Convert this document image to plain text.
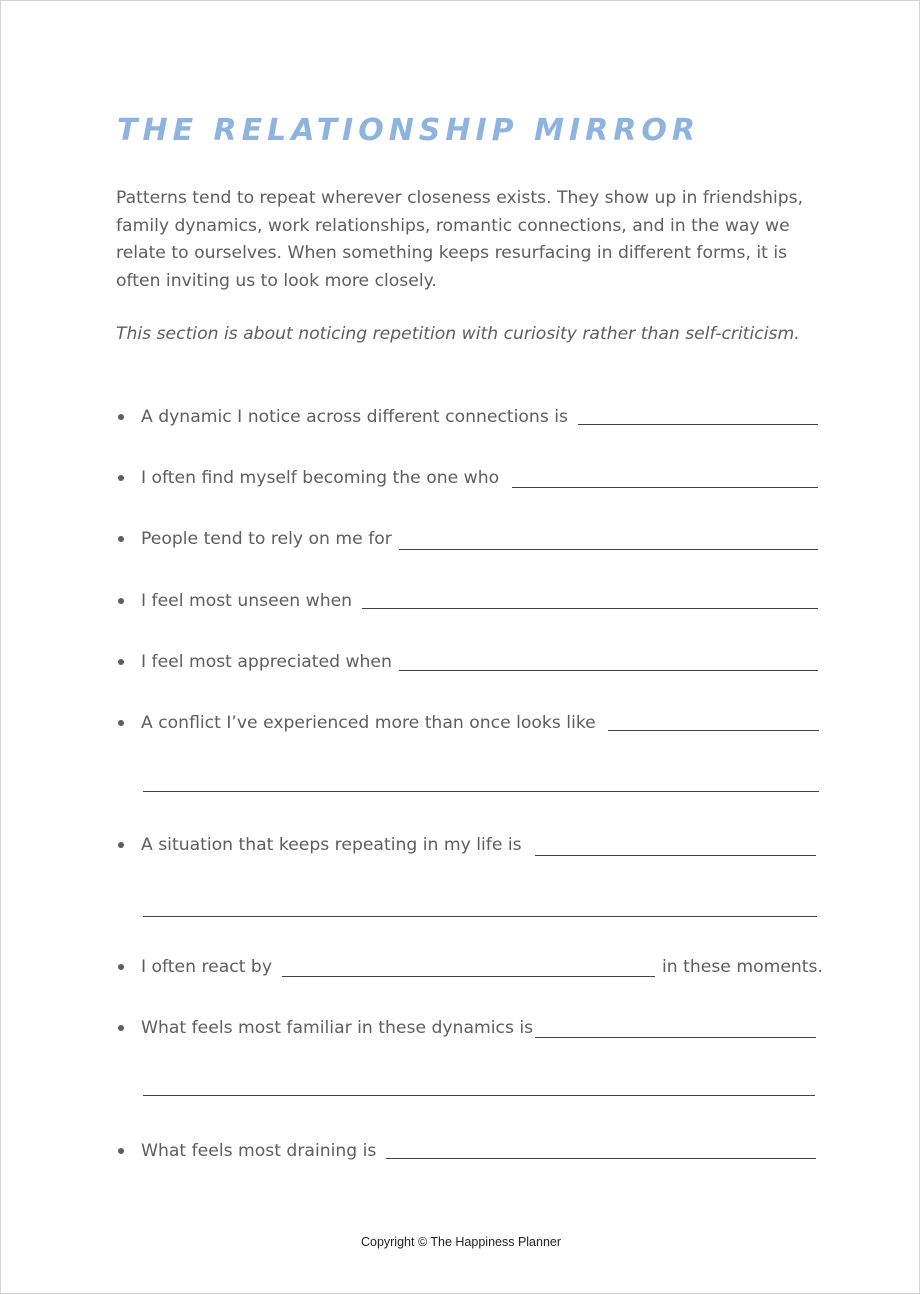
THE RELATIONSHIP MIRROR

Patterns tend to repeat wherever closeness exists. They show up in friendships, family dynamics, work relationships, romantic connections, and in the way we relate to ourselves. When something keeps resurfacing in different forms, it is often inviting us to look more closely.

This section is about noticing repetition with curiosity rather than self-criticism.

A dynamic I notice across different connections is
I often find myself becoming the one who
People tend to rely on me for
I feel most unseen when
I feel most appreciated when
A conflict I’ve experienced more than once looks like
A situation that keeps repeating in my life is
I often react by	in these moments.
What feels most familiar in these dynamics is
What feels most draining is

Copyright © The Happiness Planner
